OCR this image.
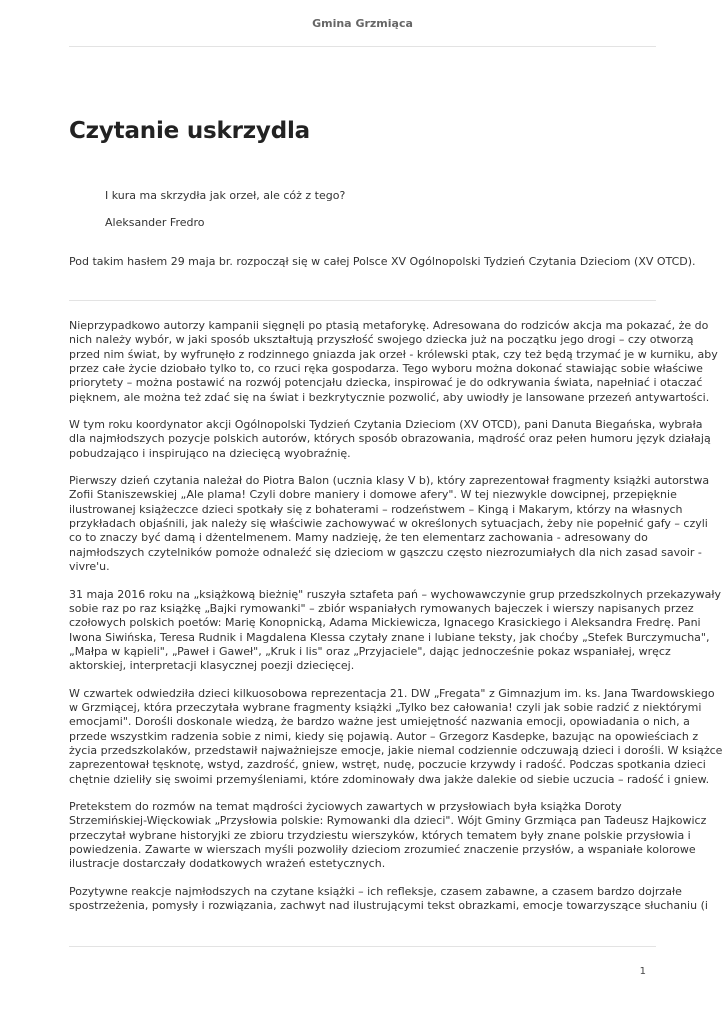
Gmina Grzmiąca
Czytanie uskrzydla

I kura ma skrzydła jak orzeł, ale cóż z tego?

Aleksander Fredro

Pod takim hasłem 29 maja br. rozpoczął się w całej Polsce XV Ogólnopolski Tydzień Czytania Dzieciom (XV OTCD).

Nieprzypadkowo autorzy kampanii sięgnęli po ptasią metaforykę. Adresowana do rodziców akcja ma pokazać, że do
nich należy wybór, w jaki sposób ukształtują przyszłość swojego dziecka już na początku jego drogi – czy otworzą
przed nim świat, by wyfrunęło z rodzinnego gniazda jak orzeł - królewski ptak, czy też będą trzymać je w kurniku, aby
przez całe życie dziobało tylko to, co rzuci ręka gospodarza. Tego wyboru można dokonać stawiając sobie właściwe
priorytety – można postawić na rozwój potencjału dziecka, inspirować je do odkrywania świata, napełniać i otaczać
pięknem, ale można też zdać się na świat i bezkrytycznie pozwolić, aby uwiodły je lansowane przezeń antywartości.

W tym roku koordynator akcji Ogólnopolski Tydzień Czytania Dzieciom (XV OTCD), pani Danuta Biegańska, wybrała
dla najmłodszych pozycje polskich autorów, których sposób obrazowania, mądrość oraz pełen humoru język działają
pobudzająco i inspirująco na dziecięcą wyobraźnię.

Pierwszy dzień czytania należał do Piotra Balon (ucznia klasy V b), który zaprezentował fragmenty książki autorstwa
Zofii Staniszewskiej „Ale plama! Czyli dobre maniery i domowe afery". W tej niezwykle dowcipnej, przepięknie
ilustrowanej książeczce dzieci spotkały się z bohaterami – rodzeństwem – Kingą i Makarym, którzy na własnych
przykładach objaśnili, jak należy się właściwie zachowywać w określonych sytuacjach, żeby nie popełnić gafy – czyli
co to znaczy być damą i dżentelmenem. Mamy nadzieję, że ten elementarz zachowania - adresowany do
najmłodszych czytelników pomoże odnaleźć się dzieciom w gąszczu często niezrozumiałych dla nich zasad savoir -
vivre'u.

31 maja 2016 roku na „książkową bieżnię" ruszyła sztafeta pań – wychowawczynie grup przedszkolnych przekazywały
sobie raz po raz książkę „Bajki rymowanki" – zbiór wspaniałych rymowanych bajeczek i wierszy napisanych przez
czołowych polskich poetów: Marię Konopnicką, Adama Mickiewicza, Ignacego Krasickiego i Aleksandra Fredrę. Pani
Iwona Siwińska, Teresa Rudnik i Magdalena Klessa czytały znane i lubiane teksty, jak choćby „Stefek Burczymucha",
„Małpa w kąpieli", „Paweł i Gaweł", „Kruk i lis" oraz „Przyjaciele", dając jednocześnie pokaz wspaniałej, wręcz
aktorskiej, interpretacji klasycznej poezji dziecięcej.

W czwartek odwiedziła dzieci kilkuosobowa reprezentacja 21. DW „Fregata" z Gimnazjum im. ks. Jana Twardowskiego
w Grzmiącej, która przeczytała wybrane fragmenty książki „Tylko bez całowania! czyli jak sobie radzić z niektórymi
emocjami". Dorośli doskonale wiedzą, że bardzo ważne jest umiejętność nazwania emocji, opowiadania o nich, a
przede wszystkim radzenia sobie z nimi, kiedy się pojawią. Autor – Grzegorz Kasdepke, bazując na opowieściach z
życia przedszkolaków, przedstawił najważniejsze emocje, jakie niemal codziennie odczuwają dzieci i dorośli. W książce
zaprezentował tęsknotę, wstyd, zazdrość, gniew, wstręt, nudę, poczucie krzywdy i radość. Podczas spotkania dzieci
chętnie dzieliły się swoimi przemyśleniami, które zdominowały dwa jakże dalekie od siebie uczucia – radość i gniew.

Pretekstem do rozmów na temat mądrości życiowych zawartych w przysłowiach była książka Doroty
Strzemińskiej-Więckowiak „Przysłowia polskie: Rymowanki dla dzieci". Wójt Gminy Grzmiąca pan Tadeusz Hajkowicz
przeczytał wybrane historyjki ze zbioru trzydziestu wierszyków, których tematem były znane polskie przysłowia i
powiedzenia. Zawarte w wierszach myśli pozwoliły dzieciom zrozumieć znaczenie przysłów, a wspaniałe kolorowe
ilustracje dostarczały dodatkowych wrażeń estetycznych.

Pozytywne reakcje najmłodszych na czytane książki – ich refleksje, czasem zabawne, a czasem bardzo dojrzałe
spostrzeżenia, pomysły i rozwiązania, zachwyt nad ilustrującymi tekst obrazkami, emocje towarzyszące słuchaniu (i

1
